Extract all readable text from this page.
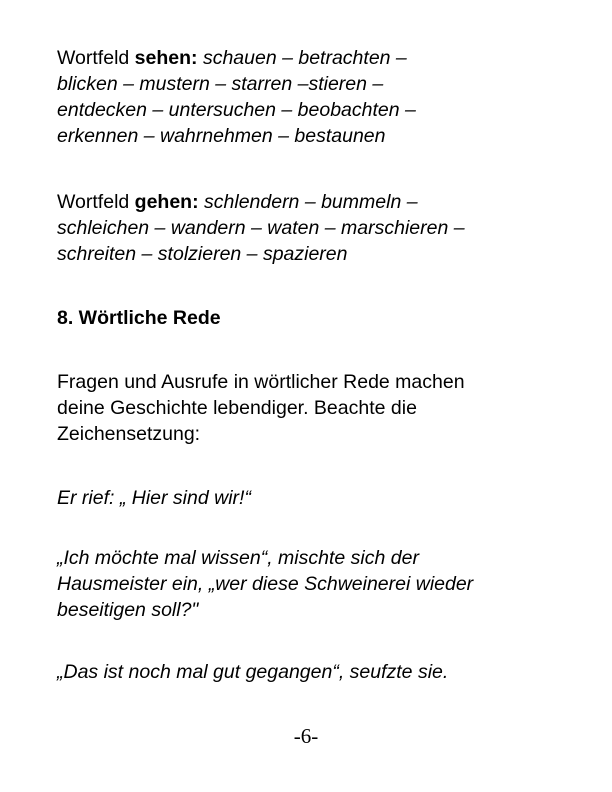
Wortfeld sehen: schauen – betrachten –
blicken – mustern – starren –stieren –
entdecken – untersuchen – beobachten –
erkennen – wahrnehmen – bestaunen
Wortfeld gehen: schlendern – bummeln –
schleichen – wandern – waten – marschieren –
schreiten – stolzieren – spazieren
8. Wörtliche Rede
Fragen und Ausrufe in wörtlicher Rede machen
deine Geschichte lebendiger. Beachte die
Zeichensetzung:
Er rief: „ Hier sind wir!“
„Ich möchte mal wissen“, mischte sich der
Hausmeister ein, „wer diese Schweinerei wieder
beseitigen soll?"
„Das ist noch mal gut gegangen“, seufzte sie.
-6-
